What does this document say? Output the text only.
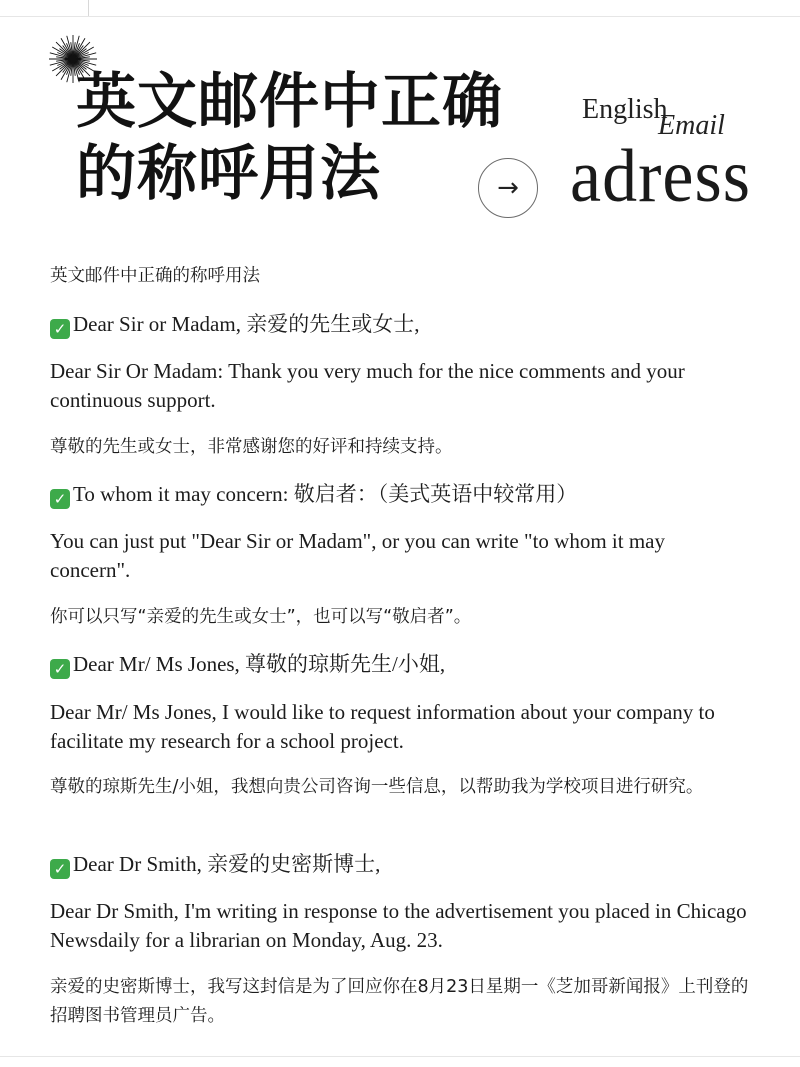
英文邮件中正确
的称呼用法	→
English
Email
adress
英文邮件中正确的称呼用法
✓ Dear Sir or Madam, 亲爱的先生或女士,
Dear Sir Or Madam: Thank you very much for the nice comments and your continuous support.
尊敬的先生或女士，非常感谢您的好评和持续支持。
✓ To whom it may concern: 敬启者：（美式英语中较常用）
You can just put "Dear Sir or Madam", or you can write "to whom it may concern".
你可以只写“亲爱的先生或女士”，也可以写“敬启者”。
✓ Dear Mr/ Ms Jones, 尊敬的琼斯先生/小姐,
Dear Mr/ Ms Jones, I would like to request information about your company to facilitate my research for a school project.
尊敬的琼斯先生/小姐，我想向贵公司咨询一些信息，以帮助我为学校项目进行研究。
✓ Dear Dr Smith, 亲爱的史密斯博士,
Dear Dr Smith, I'm writing in response to the advertisement you placed in Chicago Newsdaily for a librarian on Monday, Aug. 23.
亲爱的史密斯博士，我写这封信是为了回应你在8月23日星期一《芝加哥新闻报》上刊登的招聘图书管理员广告。
